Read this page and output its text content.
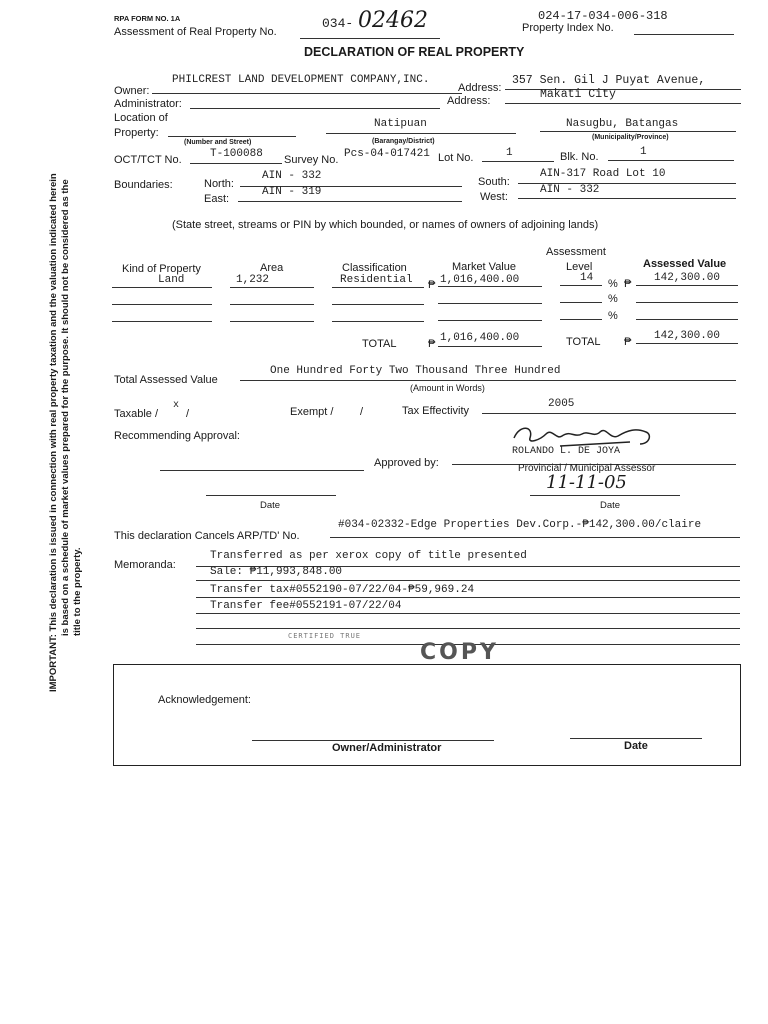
IMPORTANT: This declaration is issued in connection with real property taxation and the valuation indicated herein is based on a schedule of market values prepared for the purpose. It should not be considered as the title to the property.
RPA FORM NO. 1A
Assessment of Real Property No.
034- 02462	024-17-034-006-318
Property Index No.
DECLARATION OF REAL PROPERTY
Owner:
PHILCREST LAND DEVELOPMENT COMPANY,INC.
Address:
357 Sen. Gil J Puyat Avenue,
Administrator:	Address:	Makati City
Location of
Property:
Natipuan	Nasugbu, Batangas
(Number and Street)	(Barangay/District)
(Municipality/Province)
OCT/TCT No.	T-100088 Survey No. Pcs-04-017421 Lot No.	1	Blk. No.	1
Boundaries:	North:
AIN - 332
East:
AIN - 319
South:
AIN-317 Road Lot 10
West:
AIN - 332
(State street, streams or PIN by which bounded, or names of owners of adjoining lands)
Assessment
Kind of Property	Area	Classification	Market Value	Level	Assessed Value
Land	1,232	Residential ₱ 1,016,400.00	14 % ₱ 142,300.00
%
%
TOTAL	₱ 1,016,400.00	TOTAL ₱ 142,300.00
Total Assessed Value
One Hundred Forty Two Thousand Three Hundred
(Amount in Words)
Taxable /
x
/	Exempt / /	Tax Effectivity
2005
Recommending Approval:
Approved by:
ROLANDO L. DE JOYA
Provincial / Municipal Assessor
11-11-05
Date	Date
This declaration Cancels ARP/TD' No.
#034-02332-Edge Properties Dev.Corp.-₱142,300.00/claire
Memoranda:
Transferred as per xerox copy of title presented
Sale: ₱11,993,848.00
Transfer tax#0552190-07/22/04-₱59,969.24
Transfer fee#0552191-07/22/04
CERTIFIED TRUE
COPY
Acknowledgement:
Owner/Administrator	Date
